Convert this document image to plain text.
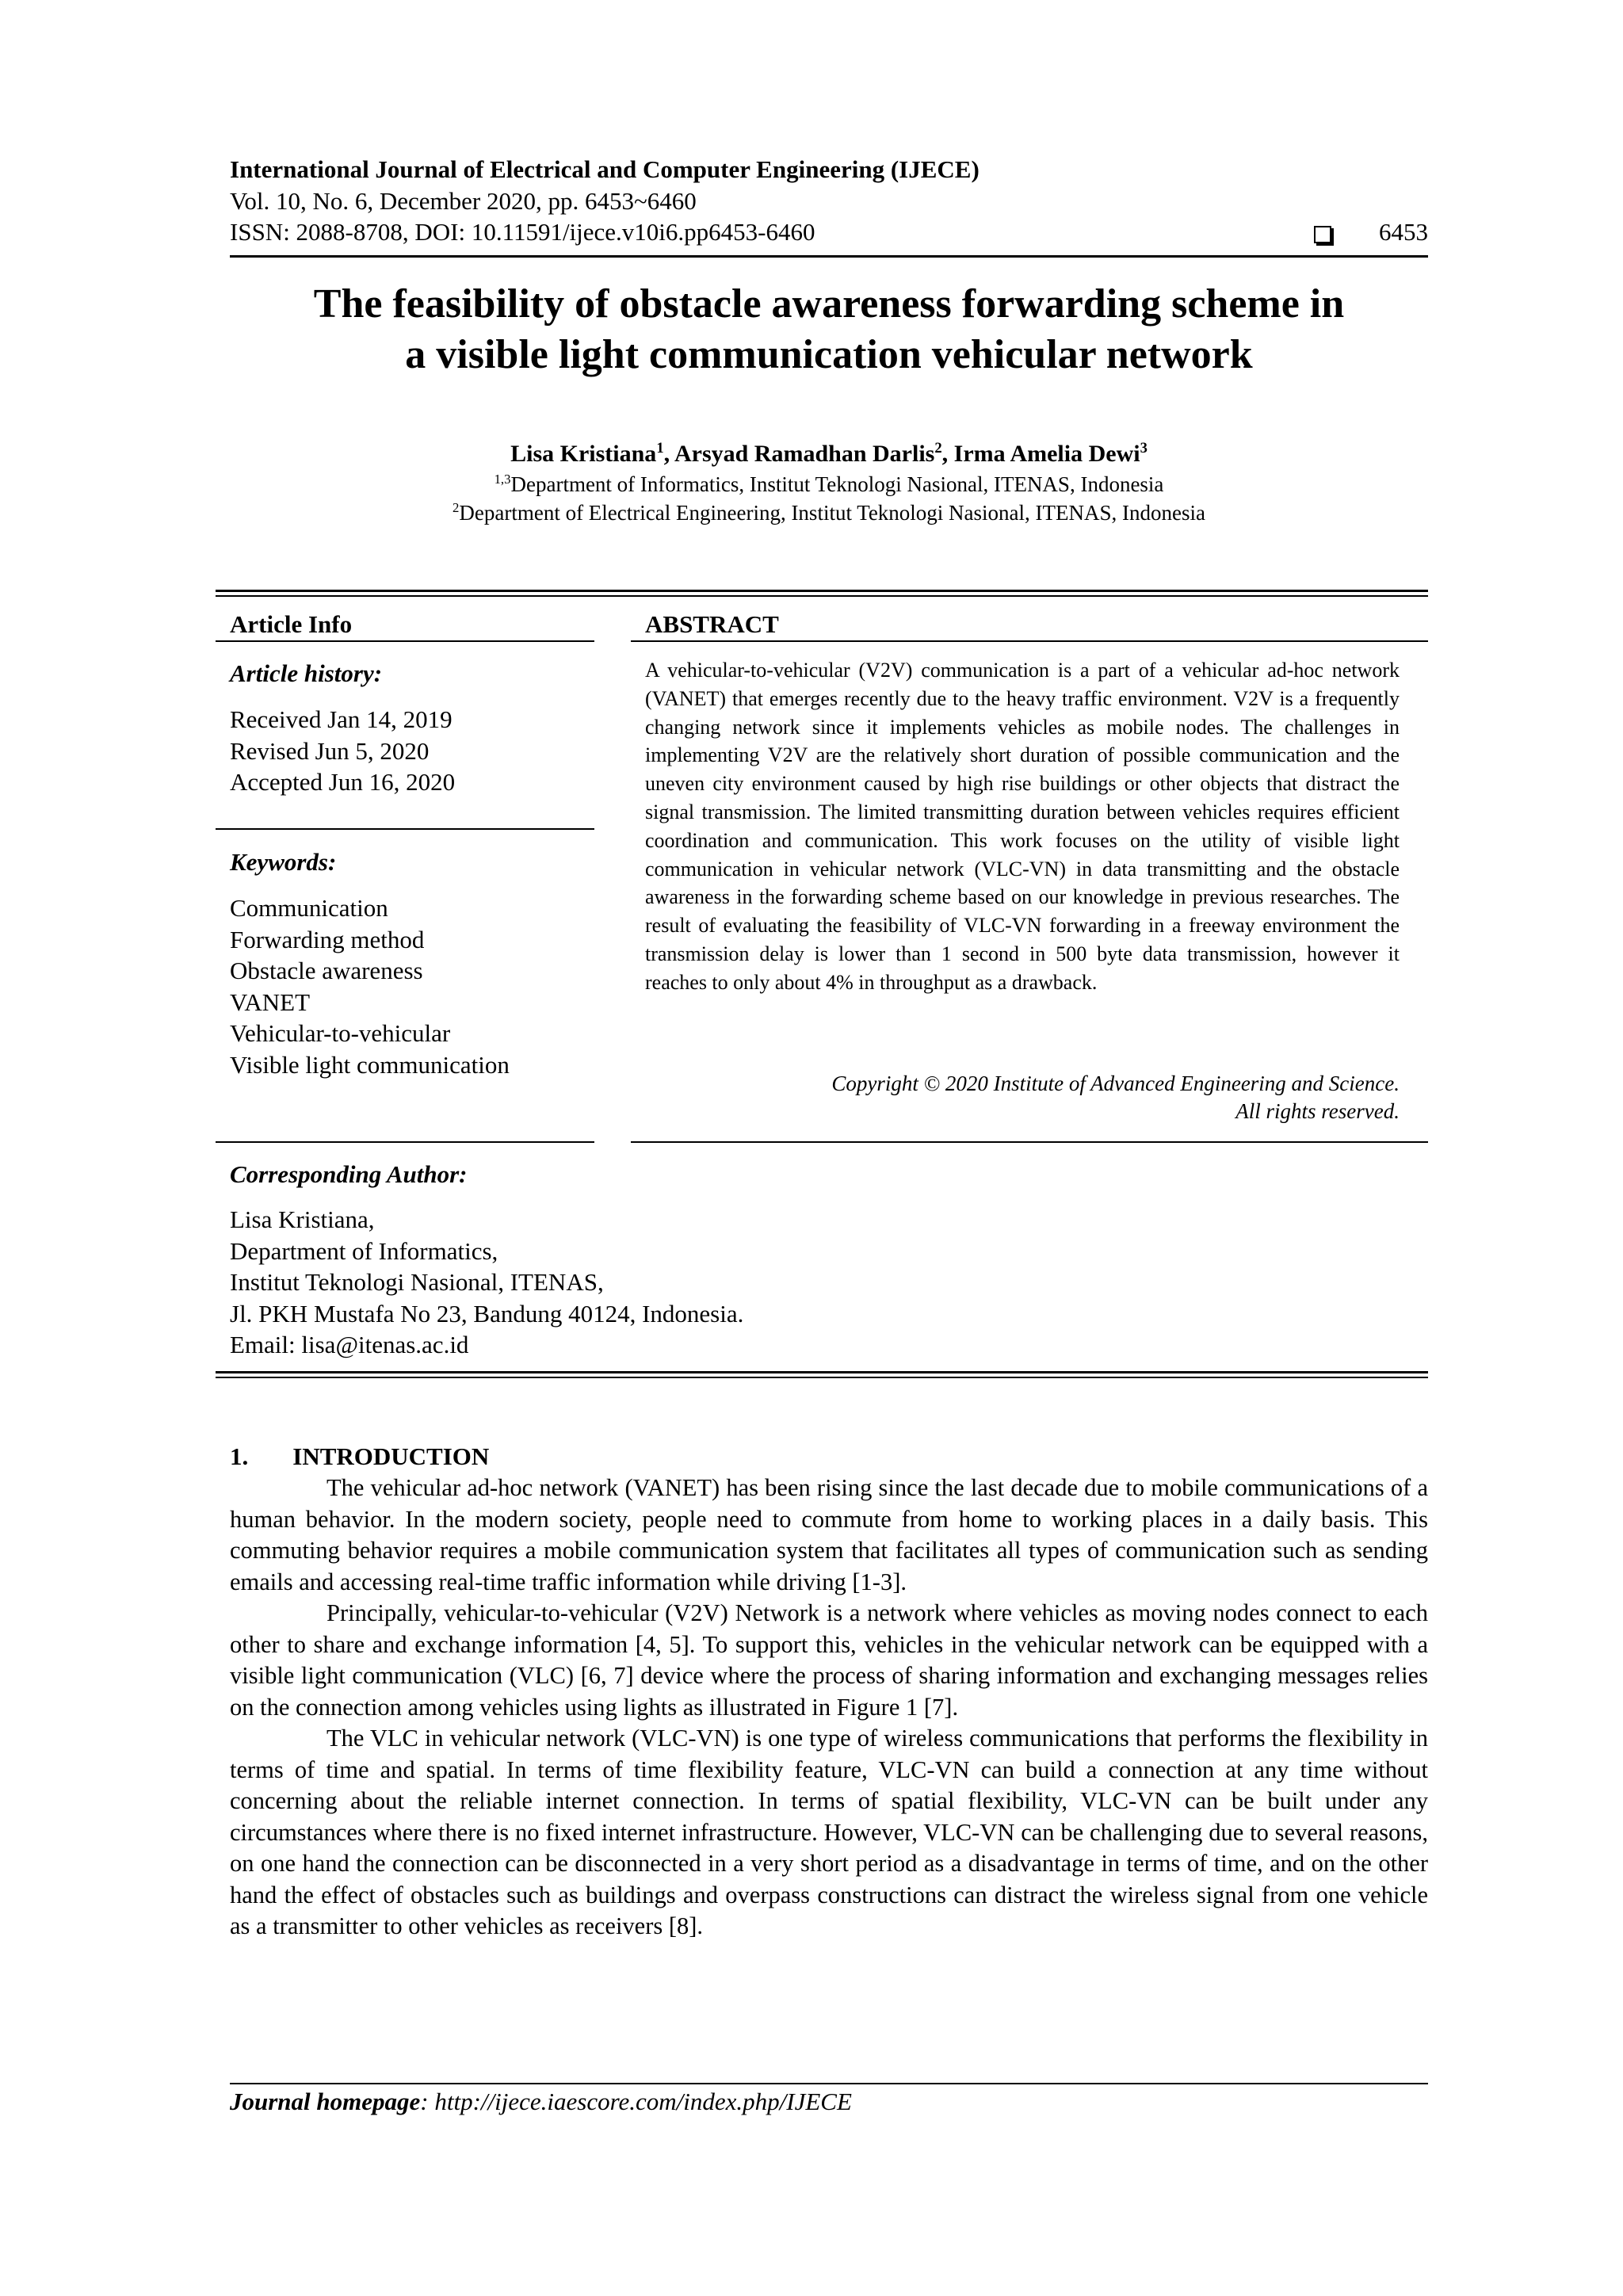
International Journal of Electrical and Computer Engineering (IJECE)
Vol. 10, No. 6, December 2020, pp. 6453~6460
ISSN: 2088-8708, DOI: 10.11591/ijece.v10i6.pp6453-6460	6453
The feasibility of obstacle awareness forwarding scheme in
a visible light communication vehicular network
Lisa Kristiana$^1$, Arsyad Ramadhan Darlis$^2$, Irma Amelia Dewi$^3$
$^{1,3}$Department of Informatics, Institut Teknologi Nasional, ITENAS, Indonesia
$^2$Department of Electrical Engineering, Institut Teknologi Nasional, ITENAS, Indonesia
Article Info
Article history:
Received Jan 14, 2019
Revised Jun 5, 2020
Accepted Jun 16, 2020
Keywords:
Communication
Forwarding method
Obstacle awareness
VANET
Vehicular-to-vehicular
Visible light communication
ABSTRACT
A vehicular-to-vehicular (V2V) communication is a part of a vehicular ad-hoc network (VANET) that emerges recently due to the heavy traffic environment. V2V is a frequently changing network since it implements vehicles as mobile nodes. The challenges in implementing V2V are the relatively short duration of possible communication and the uneven city environment caused by high rise buildings or other objects that distract the signal transmission. The limited transmitting duration between vehicles requires efficient coordination and communication. This work focuses on the utility of visible light communication in vehicular network (VLC-VN) in data transmitting and the obstacle awareness in the forwarding scheme based on our knowledge in previous researches. The result of evaluating the feasibility of VLC-VN forwarding in a freeway environment the transmission delay is lower than 1 second in 500 byte data transmission, however it reaches to only about 4% in throughput as a drawback.
Copyright © 2020 Institute of Advanced Engineering and Science.
All rights reserved.
Corresponding Author:
Lisa Kristiana,
Department of Informatics,
Institut Teknologi Nasional, ITENAS,
Jl. PKH Mustafa No 23, Bandung 40124, Indonesia.
Email: lisa@itenas.ac.id
1. INTRODUCTION

The vehicular ad-hoc network (VANET) has been rising since the last decade due to mobile communications of a human behavior. In the modern society, people need to commute from home to working places in a daily basis. This commuting behavior requires a mobile communication system that facilitates all types of communication such as sending emails and accessing real-time traffic information while driving [1-3].

Principally, vehicular-to-vehicular (V2V) Network is a network where vehicles as moving nodes connect to each other to share and exchange information [4, 5]. To support this, vehicles in the vehicular network can be equipped with a visible light communication (VLC) [6, 7] device where the process of sharing information and exchanging messages relies on the connection among vehicles using lights as illustrated in Figure 1 [7].

The VLC in vehicular network (VLC-VN) is one type of wireless communications that performs the flexibility in terms of time and spatial. In terms of time flexibility feature, VLC-VN can build a connection at any time without concerning about the reliable internet connection. In terms of spatial flexibility, VLC-VN can be built under any circumstances where there is no fixed internet infrastructure. However, VLC-VN can be challenging due to several reasons, on one hand the connection can be disconnected in a very short period as a disadvantage in terms of time, and on the other hand the effect of obstacles such as buildings and overpass constructions can distract the wireless signal from one vehicle as a transmitter to other vehicles as receivers [8].

Journal homepage: http://ijece.iaescore.com/index.php/IJECE
